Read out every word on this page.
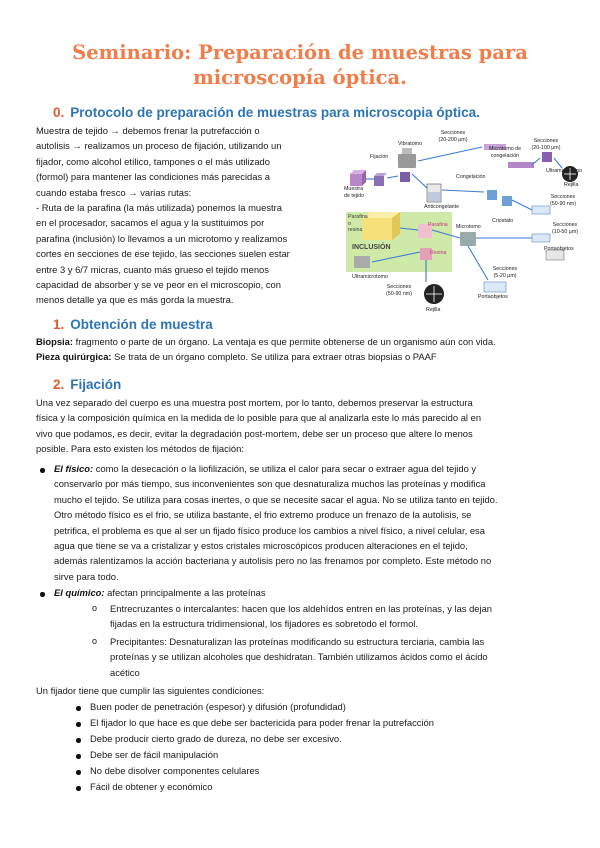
Seminario: Preparación de muestras para microscopía óptica.
0. Protocolo de preparación de muestras para microscopia óptica.
Muestra de tejido → debemos frenar la putrefacción o
autolisis → realizamos un proceso de fijación, utilizando un
fijador, como alcohol etílico, tampones o el más utilizado
(formol) para mantener las condiciones más parecidas a
cuando estaba fresco → varias rutas:
- Ruta de la parafina (la más utilizada) ponemos la muestra
en el procesador, sacamos el agua y la sustituimos por
parafina (inclusión) lo llevamos a un microtomo y realizamos
cortes en secciones de ese tejido, las secciones suelen estar
entre 3 y 6/7 micras, cuanto más grueso el tejido menos
capacidad de absorber y se ve peor en el microscopio, con
menos detalle ya que es más gorda la muestra.
Muestra de tejido
Fijación
Vibratomo
Secciones (20-200 µm)
Micrótomo de congelación
Secciones (20-100 µm)
Ultramicrotomo
Rejilla
Congelación
Anticongelante
Secciones (50-90 nm)
Parafina o resina
Parafina
Resina
Microtomo
Criostato
Secciones (10-50 µm)
Portaobjetos
INCLUSIÓN
Ultramicrotomo
Secciones (50-90 nm)
Secciones (5-20 µm)
Portaobjetos
Rejilla
1. Obtención de muestra
Biopsia: fragmento o parte de un órgano. La ventaja es que permite obtenerse de un organismo aún con vida.
Pieza quirúrgica: Se trata de un órgano completo. Se utiliza para extraer otras biopsias o PAAF
2. Fijación
Una vez separado del cuerpo es una muestra post mortem, por lo tanto, debemos preservar la estructura
física y la composición química en la medida de lo posible para que al analizarla este lo más parecido al en
vivo que podamos, es decir, evitar la degradación post-mortem, debe ser un proceso que altere lo menos
posible. Para esto existen los métodos de fijación:
El físico: como la desecación o la liofilización, se utiliza el calor para secar o extraer agua del tejido y
conservarlo por más tiempo, sus inconvenientes son que desnaturaliza muchos las proteínas y modifica
mucho el tejido. Se utiliza para cosas inertes, o que se necesite sacar el agua. No se utiliza tanto en tejido.
Otro método físico es el frio, se utiliza bastante, el frio extremo produce un frenazo de la autolisis, se
petrifica, el problema es que al ser un fijado físico produce los cambios a nivel físico, a nivel celular, esa
agua que tiene se va a cristalizar y estos cristales microscópicos producen alteraciones en el tejido,
además ralentizamos la acción bacteriana y autolisis pero no las frenamos por completo. Este método no
sirve para todo.
El químico: afectan principalmente a las proteínas
o Entrecruzantes o intercalantes: hacen que los aldehídos entren en las proteínas, y las dejan
fijadas en la estructura tridimensional, los fijadores es sobretodo el formol.
o Precipitantes: Desnaturalizan las proteínas modificando su estructura terciaria, cambia las
proteínas y se utilizan alcoholes que deshidratan. También utilizamos ácidos como el ácido
acético
Un fijador tiene que cumplir las siguientes condiciones:
Buen poder de penetración (espesor) y difusión (profundidad)
El fijador lo que hace es que debe ser bactericida para poder frenar la putrefacción
Debe producir cierto grado de dureza, no debe ser excesivo.
Debe ser de fácil manipulación
No debe disolver componentes celulares
Fácil de obtener y económico
